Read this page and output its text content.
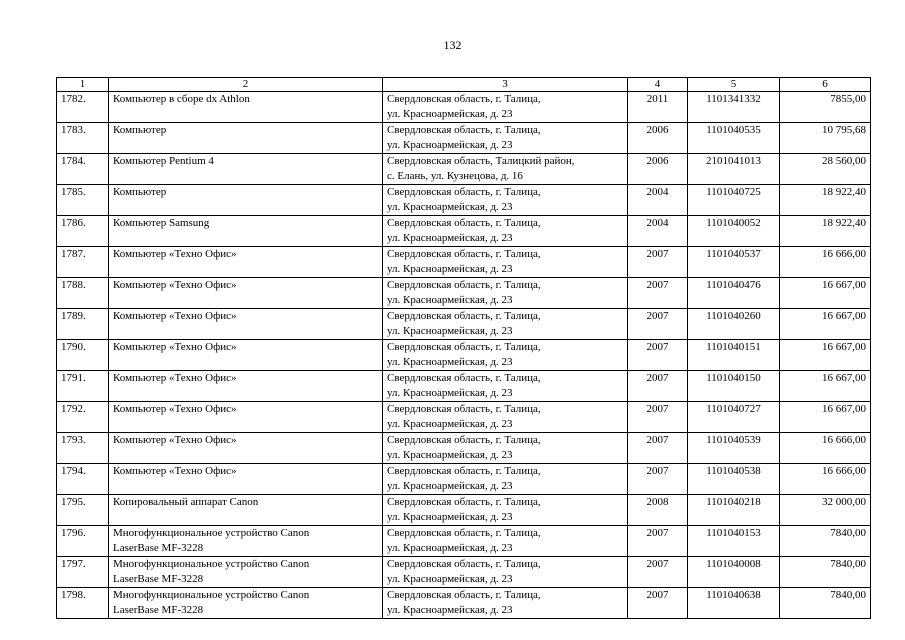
132
1	2	3	4	5	6
1782.	Компьютер в сборе dx Athlon	Свердловская область, г. Талица,
ул. Красноармейская, д. 23	2011	1101341332	7855,00
1783.	Компьютер	Свердловская область, г. Талица,
ул. Красноармейская, д. 23	2006	1101040535	10 795,68
1784.	Компьютер Pentium 4	Свердловская область, Талицкий район,
с. Елань, ул. Кузнецова, д. 16	2006	2101041013	28 560,00
1785.	Компьютер	Свердловская область, г. Талица,
ул. Красноармейская, д. 23	2004	1101040725	18 922,40
1786.	Компьютер Samsung	Свердловская область, г. Талица,
ул. Красноармейская, д. 23	2004	1101040052	18 922,40
1787.	Компьютер «Техно Офис»	Свердловская область, г. Талица,
ул. Красноармейская, д. 23	2007	1101040537	16 666,00
1788.	Компьютер «Техно Офис»	Свердловская область, г. Талица,
ул. Красноармейская, д. 23	2007	1101040476	16 667,00
1789.	Компьютер «Техно Офис»	Свердловская область, г. Талица,
ул. Красноармейская, д. 23	2007	1101040260	16 667,00
1790.	Компьютер «Техно Офис»	Свердловская область, г. Талица,
ул. Красноармейская, д. 23	2007	1101040151	16 667,00
1791.	Компьютер «Техно Офис»	Свердловская область, г. Талица,
ул. Красноармейская, д. 23	2007	1101040150	16 667,00
1792.	Компьютер «Техно Офис»	Свердловская область, г. Талица,
ул. Красноармейская, д. 23	2007	1101040727	16 667,00
1793.	Компьютер «Техно Офис»	Свердловская область, г. Талица,
ул. Красноармейская, д. 23	2007	1101040539	16 666,00
1794.	Компьютер «Техно Офис»	Свердловская область, г. Талица,
ул. Красноармейская, д. 23	2007	1101040538	16 666,00
1795.	Копировальный аппарат Canon	Свердловская область, г. Талица,
ул. Красноармейская, д. 23	2008	1101040218	32 000,00
1796.	Многофункциональное устройство Canon
LaserBase MF-3228	Свердловская область, г. Талица,
ул. Красноармейская, д. 23	2007	1101040153	7840,00
1797.	Многофункциональное устройство Canon
LaserBase MF-3228	Свердловская область, г. Талица,
ул. Красноармейская, д. 23	2007	1101040008	7840,00
1798.	Многофункциональное устройство Canon
LaserBase MF-3228	Свердловская область, г. Талица,
ул. Красноармейская, д. 23	2007	1101040638	7840,00
